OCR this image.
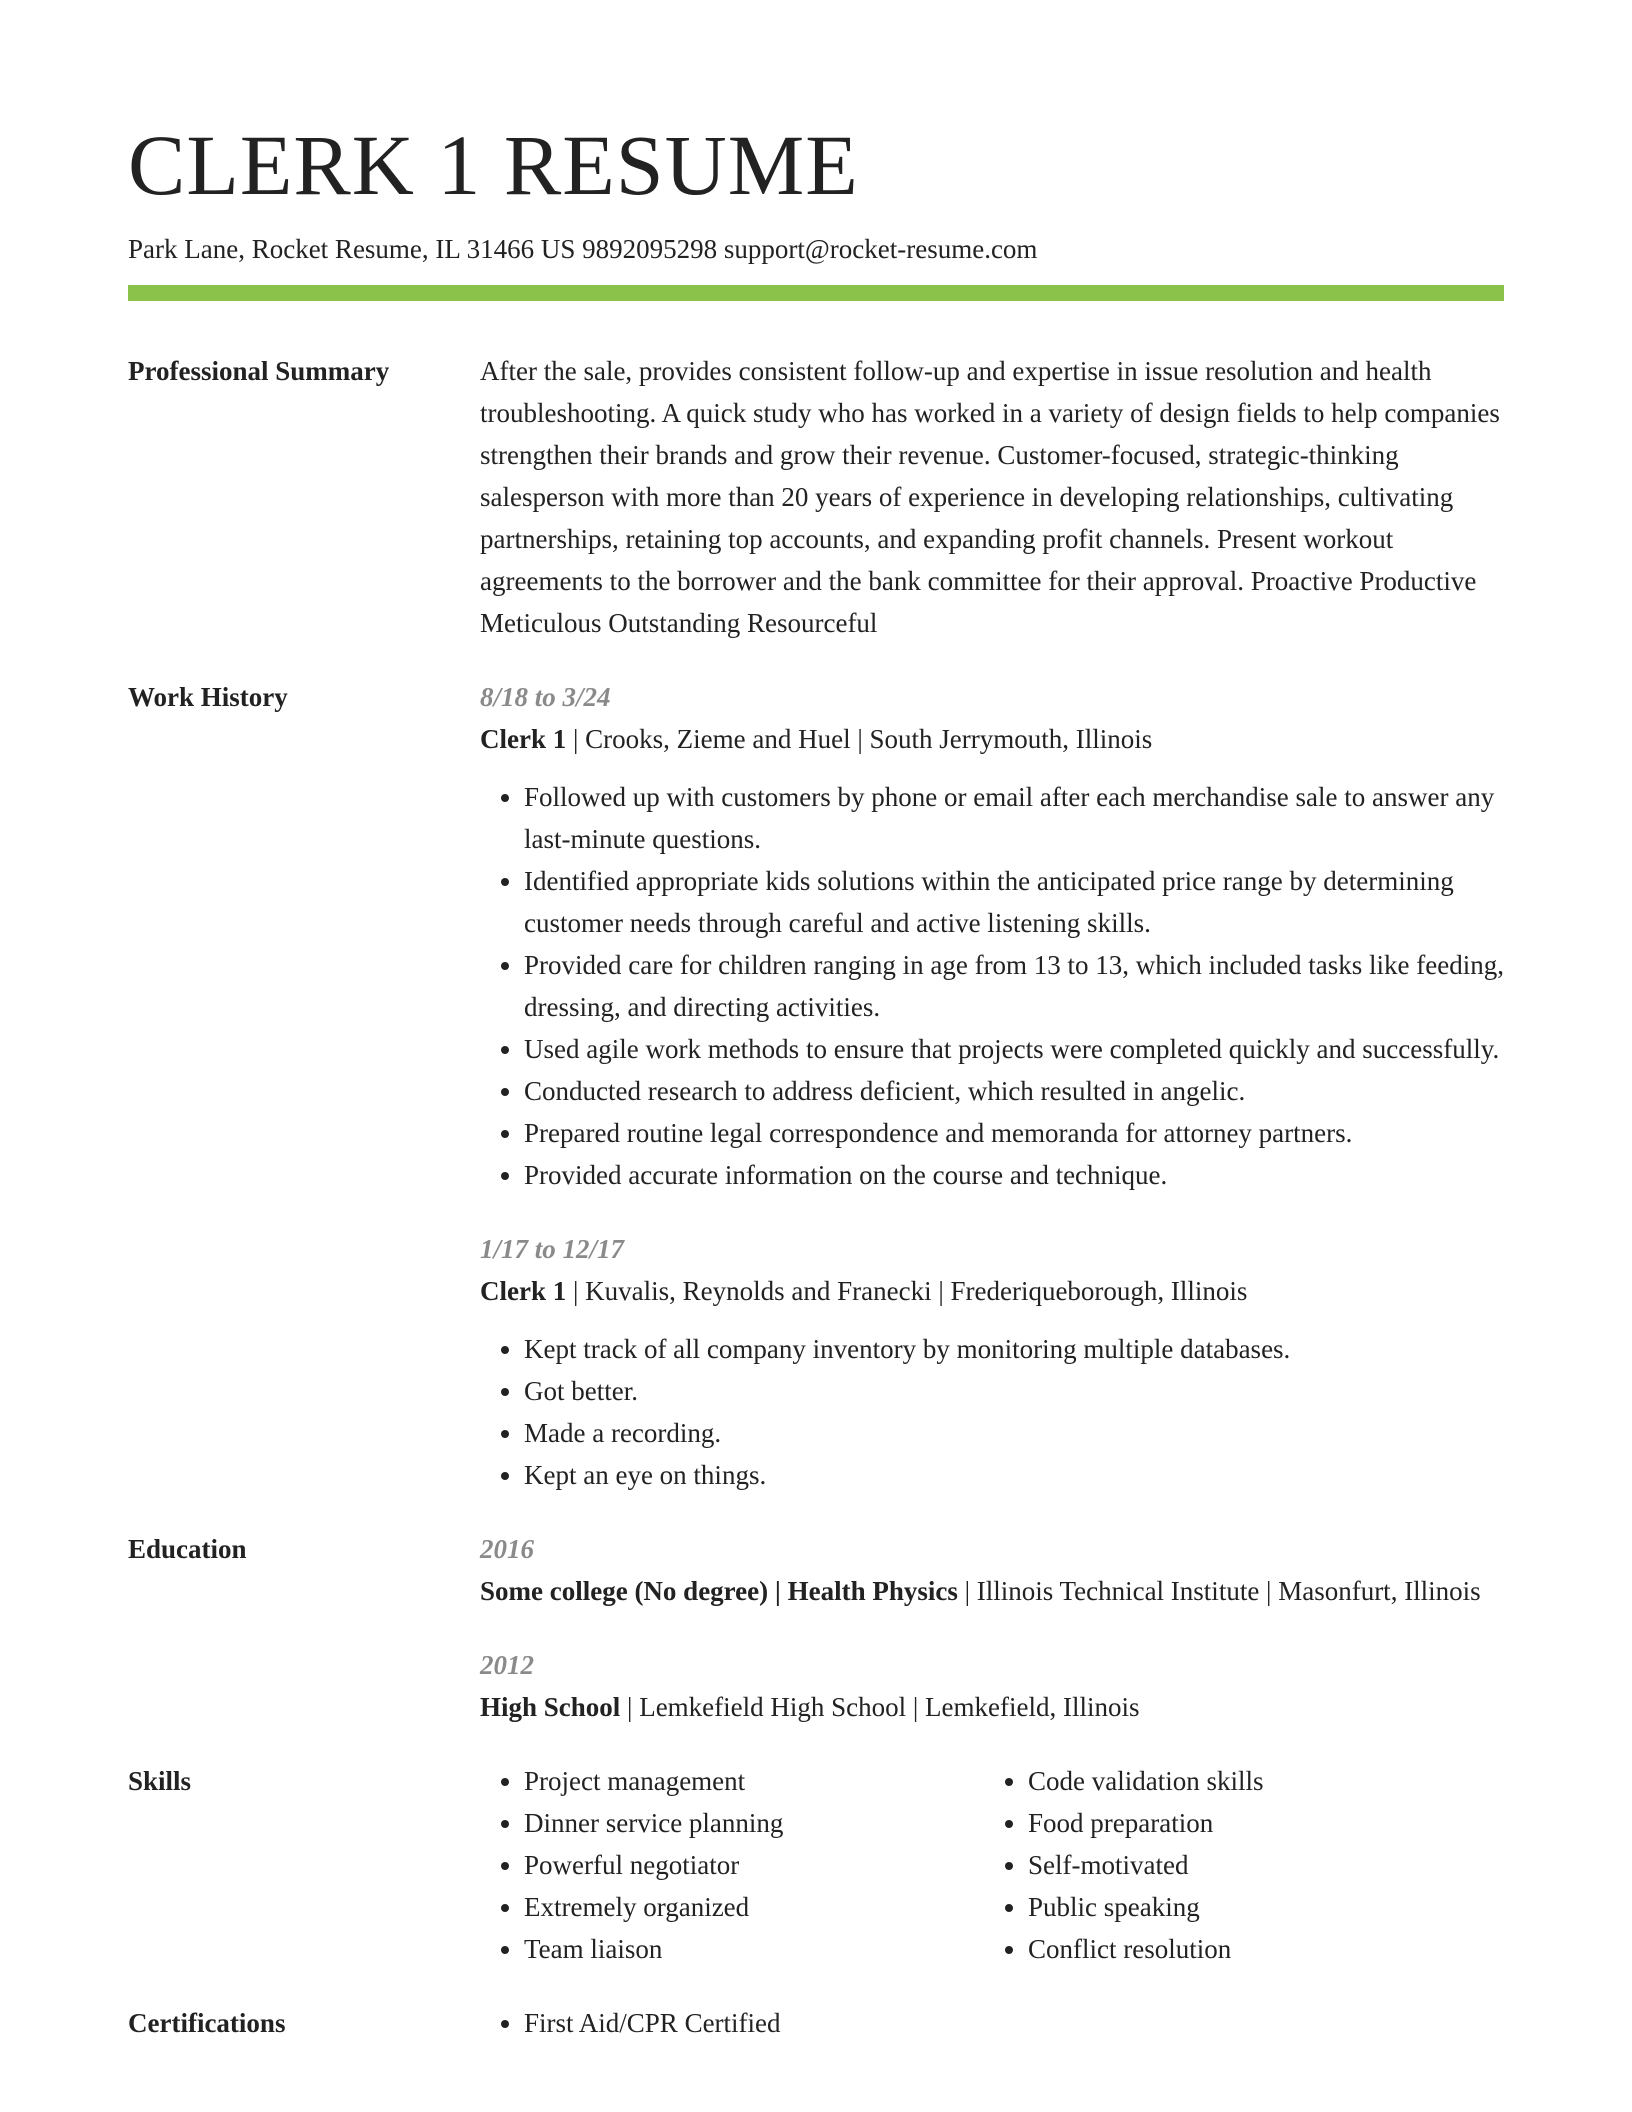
CLERK 1 RESUME
Park Lane, Rocket Resume, IL 31466 US 9892095298 support@rocket-resume.com
Professional Summary	After the sale, provides consistent follow-up and expertise in issue resolution and health troubleshooting. A quick study who has worked in a variety of design fields to help companies strengthen their brands and grow their revenue. Customer-focused, strategic-thinking salesperson with more than 20 years of experience in developing relationships, cultivating partnerships, retaining top accounts, and expanding profit channels. Present workout agreements to the borrower and the bank committee for their approval. Proactive Productive Meticulous Outstanding Resourceful

Work History	8/18 to 3/24
Clerk 1 | Crooks, Zieme and Huel | South Jerrymouth, Illinois
• Followed up with customers by phone or email after each merchandise sale to answer any last-minute questions.
• Identified appropriate kids solutions within the anticipated price range by determining customer needs through careful and active listening skills.
• Provided care for children ranging in age from 13 to 13, which included tasks like feeding, dressing, and directing activities.
• Used agile work methods to ensure that projects were completed quickly and successfully.
• Conducted research to address deficient, which resulted in angelic.
• Prepared routine legal correspondence and memoranda for attorney partners.
• Provided accurate information on the course and technique.
1/17 to 12/17
Clerk 1 | Kuvalis, Reynolds and Franecki | Frederiqueborough, Illinois
• Kept track of all company inventory by monitoring multiple databases.
• Got better.
• Made a recording.
• Kept an eye on things.
Education	2016
Some college (No degree) | Health Physics | Illinois Technical Institute | Masonfurt, Illinois
2012
High School | Lemkefield High School | Lemkefield, Illinois
Skills	• Project management
• Dinner service planning
• Powerful negotiator
• Extremely organized
• Team liaison
• Code validation skills
• Food preparation
• Self-motivated
• Public speaking
• Conflict resolution
Certifications	• First Aid/CPR Certified
